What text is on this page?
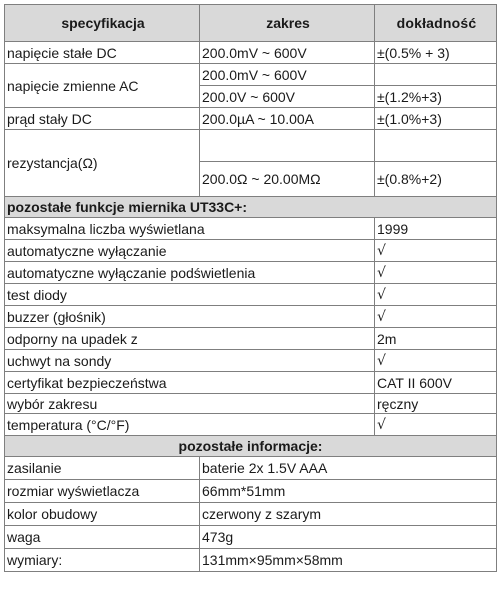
specyfikacja	zakres	dokładność
napięcie stałe DC	200.0mV ~ 600V	±(0.5% + 3)
napięcie zmienne AC	200.0mV ~ 600V	
	200.0V ~ 600V	±(1.2%+3)
prąd stały DC	200.0µA ~ 10.00A	±(1.0%+3)
rezystancja(Ω)		
	200.0Ω ~ 20.00MΩ	±(0.8%+2)
pozostałe funkcje miernika UT33C+:		
maksymalna liczba wyświetlana		1999
automatyczne wyłączanie		√
automatyczne wyłączanie podświetlenia		√
test diody		√
buzzer (głośnik)		√
odporny na upadek z		2m
uchwyt na sondy		√
certyfikat bezpieczeństwa		CAT II 600V
wybór zakresu		ręczny
temperatura (°C/°F)		√
pozostałe informacje:		
zasilanie	baterie 2x 1.5V AAA	
rozmiar wyświetlacza	66mm*51mm	
kolor obudowy	czerwony z szarym	
waga	473g	
wymiary:	131mm×95mm×58mm	
